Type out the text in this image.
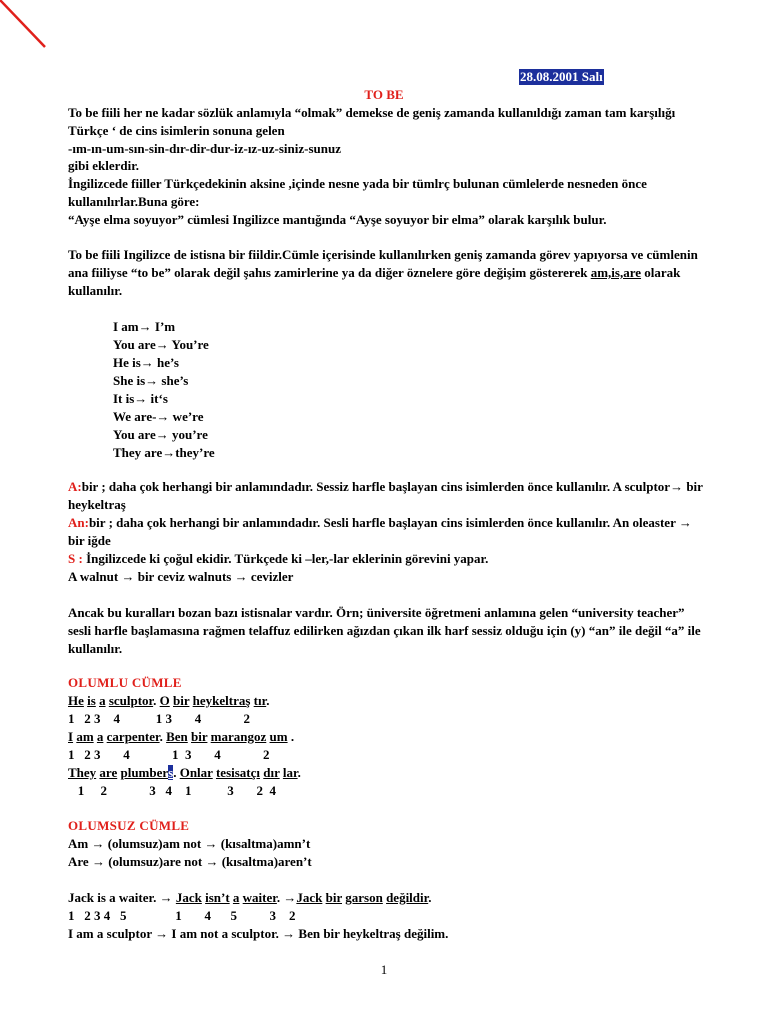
28.08.2001 Salı
TO BE

To be fiili her ne kadar sözlük anlamıyla “olmak” demekse de geniş zamanda kullanıldığı zaman tam karşılığı Türkçe ‘ de cins isimlerin sonuna gelen

-ım-ın-um-sın-sin-dır-dir-dur-iz-ız-uz-siniz-sunuz

gibi eklerdir.

İngilizcede fiiller Türkçedekinin aksine ,içinde nesne yada bir tümlrç bulunan cümlelerde nesneden önce kullanılırlar.Buna göre:

“Ayşe elma soyuyor” cümlesi Ingilizce mantığında “Ayşe soyuyor bir elma” olarak karşılık bulur.

To be fiili Ingilizce de istisna bir fiildir.Cümle içerisinde kullanılırken geniş zamanda görev yapıyorsa ve cümlenin ana fiiliyse “to be” olarak değil şahıs zamirlerine ya da diğer öznelere göre değişim göstererek am,is,are olarak kullanılır.

I am→ I’m
You are→ You’re
He is→ he’s
She is→ she’s
It is→ it‘s
We are-→ we’re
You are→ you’re
They are→they’re

A:bir ; daha çok herhangi bir anlamındadır. Sessiz harfle başlayan cins isimlerden önce kullanılır. A sculptor→ bir heykeltraş

An:bir ; daha çok herhangi bir anlamındadır. Sesli harfle başlayan cins isimlerden önce kullanılır. An oleaster → bir iğde

S : İngilizcede ki çoğul ekidir. Türkçede ki –ler,-lar eklerinin görevini yapar.

A walnut → bir ceviz walnuts → cevizler

Ancak bu kuralları bozan bazı istisnalar vardır. Örn; üniversite öğretmeni anlamına gelen “university teacher” sesli harfle başlamasına rağmen telaffuz edilirken ağızdan çıkan ilk harf sessiz olduğu için (y) “an” ile değil “a” ile kullanılır.

OLUMLU CÜMLE
He is a sculptor. O bir heykeltraş tır.
1   2 3    4           1 3       4             2
I am a carpenter. Ben bir marangoz um .
1   2 3       4             1  3       4             2
They are plumbers. Onlar tesisatçı dır lar.
1     2             3   4    1           3       2  4
OLUMSUZ CÜMLE
Am → (olumsuz)am not → (kısaltma)amn’t
Are → (olumsuz)are not → (kısaltma)aren’t
Jack is a waiter. → Jack isn’t a waiter. →Jack bir garson değildir.
1   2 3 4   5               1       4      5          3    2
I am a sculptor → I am not a sculptor. → Ben bir heykeltraş değilim.
1
